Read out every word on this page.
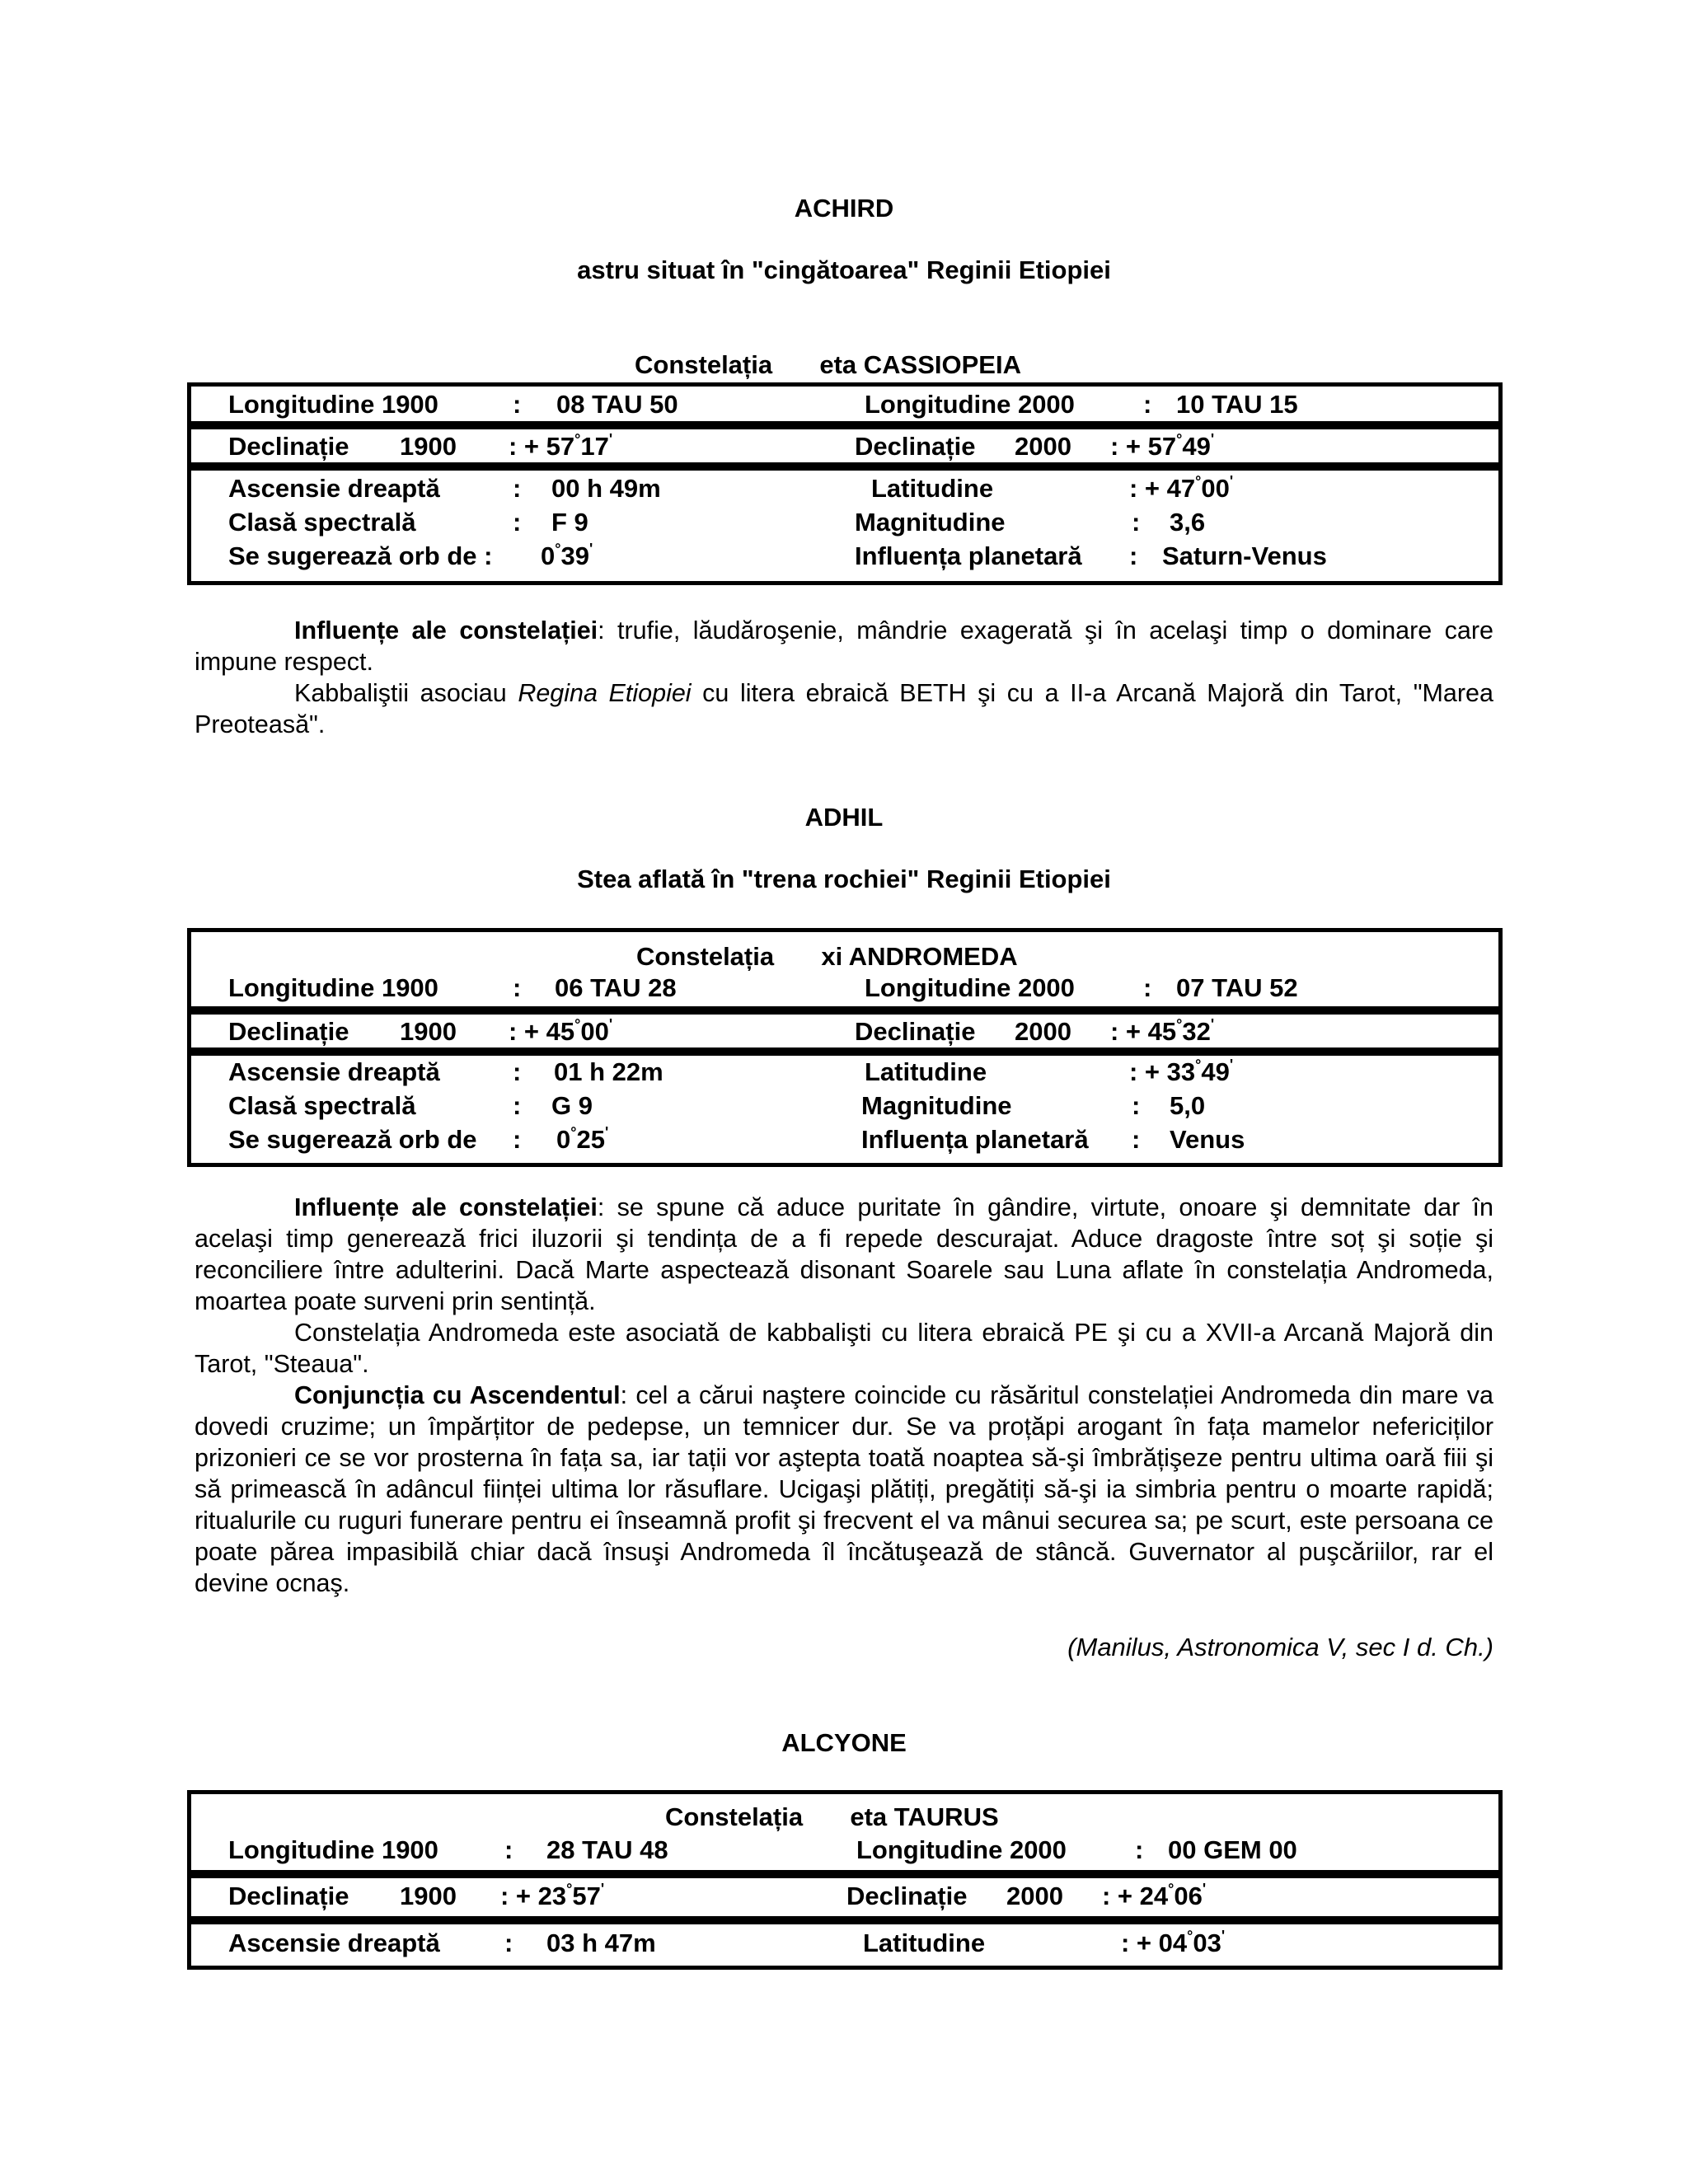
ACHIRD
astru situat în "cingătoarea" Reginii Etiopiei
Constelația eta CASSIOPEIA
Longitudine 1900	: 08 TAU 50	Longitudine 2000	: 10 TAU 15
Declinație 1900 : + 57°17'	Declinație 2000 : + 57°49'
Ascensie dreaptă	: 00 h 49m	Latitudine	: + 47°00'
Clasă spectrală	: F 9	Magnitudine	: 3,6
Se sugerează orb de : 0°39'	Influența planetară : Saturn-Venus

Influențe ale constelației: trufie, lăudăroşenie, mândrie exagerată şi în acelaşi timp o dominare care impune respect.

Kabbaliştii asociau Regina Etiopiei cu litera ebraică BETH şi cu a II-a Arcană Majoră din Tarot, "Marea Preoteasă".

ADHIL
Stea aflată în "trena rochiei" Reginii Etiopiei
Constelația xi ANDROMEDA
Longitudine 1900	: 06 TAU 28	Longitudine 2000	: 07 TAU 52
Declinație 1900 : + 45°00'	Declinație 2000 : + 45°32'
Ascensie dreaptă	: 01 h 22m	Latitudine	: + 33°49'
Clasă spectrală	: G 9	Magnitudine	: 5,0
Se sugerează orb de : 0°25'	Influența planetară : Venus

Influențe ale constelației: se spune că aduce puritate în gândire, virtute, onoare şi demnitate dar în acelaşi timp generează frici iluzorii şi tendința de a fi repede descurajat. Aduce dragoste între soț şi soție şi reconciliere între adulterini. Dacă Marte aspectează disonant Soarele sau Luna aflate în constelația Andromeda, moartea poate surveni prin sentință.

Constelația Andromeda este asociată de kabbalişti cu litera ebraică PE şi cu a XVII-a Arcană Majoră din Tarot, "Steaua".

Conjuncția cu Ascendentul: cel a cărui naştere coincide cu răsăritul constelației Andromeda din mare va dovedi cruzime; un împărțitor de pedepse, un temnicer dur. Se va proțăpi arogant în fața mamelor nefericiților prizonieri ce se vor prosterna în fața sa, iar tații vor aştepta toată noaptea să-şi îmbrățişeze pentru ultima oară fiii şi să primească în adâncul ființei ultima lor răsuflare. Ucigaşi plătiți, pregătiți să-şi ia simbria pentru o moarte rapidă; ritualurile cu ruguri funerare pentru ei înseamnă profit şi frecvent el va mânui securea sa; pe scurt, este persoana ce poate părea impasibilă chiar dacă însuşi Andromeda îl încătuşează de stâncă. Guvernator al puşcăriilor, rar el devine ocnaş.

(Manilus, Astronomica V, sec I d. Ch.)
ALCYONE
Constelația eta TAURUS
Longitudine 1900	: 28 TAU 48	Longitudine 2000	: 00 GEM 00
Declinație 1900 : + 23°57'	Declinație 2000 : + 24°06'
Ascensie dreaptă	: 03 h 47m	Latitudine	: + 04°03'
